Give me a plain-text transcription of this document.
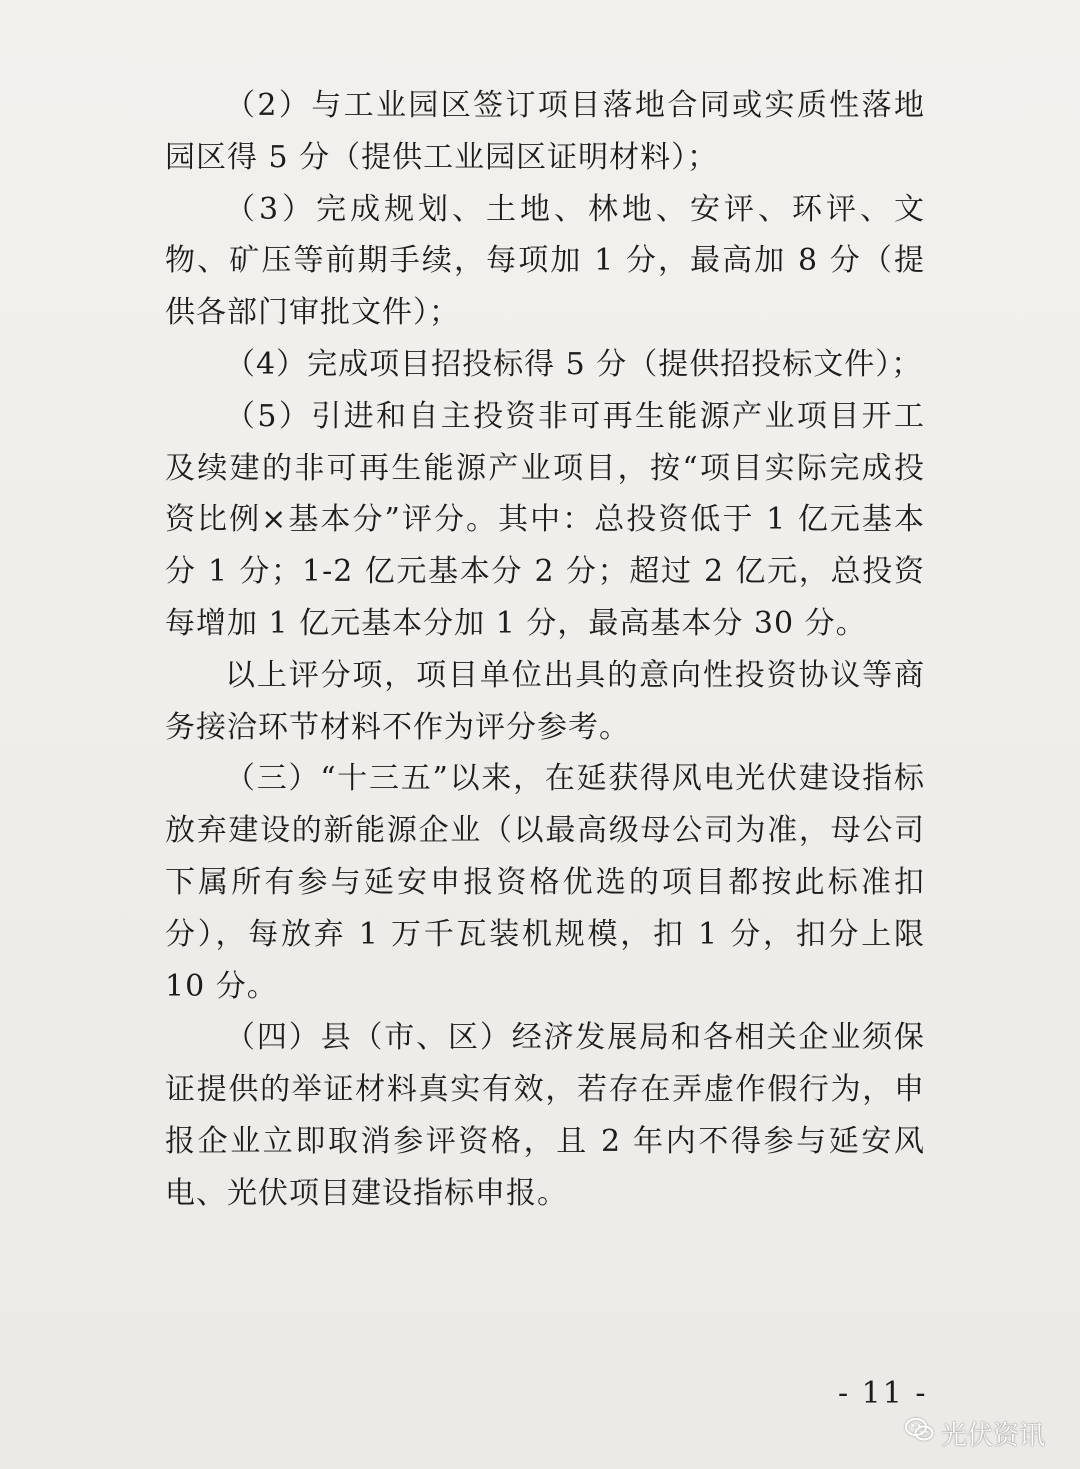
（2）与工业园区签订项目落地合同或实质性落地园区得 5 分（提供工业园区证明材料）；

（3）完成规划、土地、林地、安评、环评、文物、矿压等前期手续，每项加 1 分，最高加 8 分（提供各部门审批文件）；

（4）完成项目招投标得 5 分（提供招投标文件）；

（5）引进和自主投资非可再生能源产业项目开工及续建的非可再生能源产业项目，按“项目实际完成投资比例×基本分”评分。其中：总投资低于 1 亿元基本分 1 分；1-2 亿元基本分 2 分；超过 2 亿元，总投资每增加 1 亿元基本分加 1 分，最高基本分 30 分。

以上评分项，项目单位出具的意向性投资协议等商务接洽环节材料不作为评分参考。

（三）“十三五”以来，在延获得风电光伏建设指标放弃建设的新能源企业（以最高级母公司为准，母公司下属所有参与延安申报资格优选的项目都按此标准扣分），每放弃 1 万千瓦装机规模，扣 1 分，扣分上限 10 分。

（四）县（市、区）经济发展局和各相关企业须保证提供的举证材料真实有效，若存在弄虚作假行为，申报企业立即取消参评资格，且 2 年内不得参与延安风电、光伏项目建设指标申报。

- 11 -
光伏资讯
